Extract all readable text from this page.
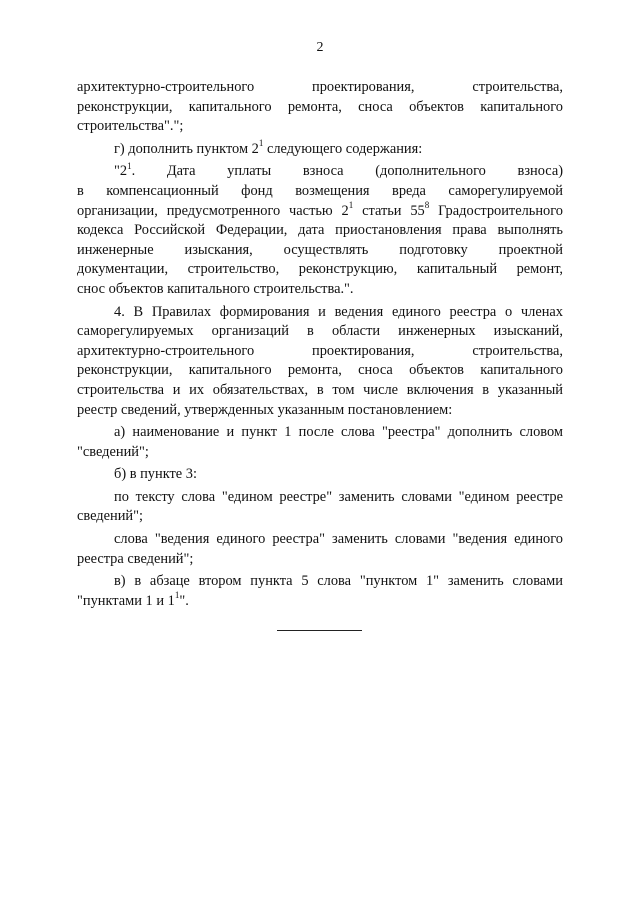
2

архитектурно-строительного проектирования, строительства,
реконструкции, капитального ремонта, сноса объектов капитального
строительства".";

г) дополнить пунктом $2^1$ следующего содержания:

"$2^1$. Дата уплаты взноса (дополнительного взноса)
в компенсационный фонд возмещения вреда саморегулируемой
организации, предусмотренного частью $2^1$ статьи $55^8$ Градостроительного
кодекса Российской Федерации, дата приостановления права выполнять
инженерные изыскания, осуществлять подготовку проектной
документации, строительство, реконструкцию, капитальный ремонт,
снос объектов капитального строительства.".

4. В Правилах формирования и ведения единого реестра о членах
саморегулируемых организаций в области инженерных изысканий,
архитектурно-строительного проектирования, строительства,
реконструкции, капитального ремонта, сноса объектов капитального
строительства и их обязательствах, в том числе включения в указанный
реестр сведений, утвержденных указанным постановлением:

а) наименование и пункт 1 после слова "реестра" дополнить словом
"сведений";

б) в пункте 3:

по тексту слова "едином реестре" заменить словами "едином реестре
сведений";

слова "ведения единого реестра" заменить словами "ведения единого
реестра сведений";

в) в абзаце втором пункта 5 слова "пунктом 1" заменить словами
"пунктами 1 и $1^1$".
